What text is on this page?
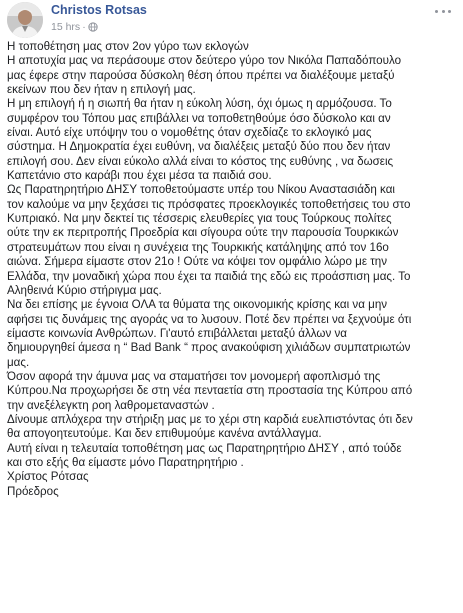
Christos Rotsas
15 hrs ·
Η τοποθέτηση μας στον 2ον γύρο των εκλογών
Η αποτυχία μας να περάσουμε στον δεύτερο γύρο τον Νικόλα Παπαδόπουλο
μας έφερε στην παρούσα δύσκολη θέση όπου πρέπει να διαλέξουμε μεταξύ
εκείνων που δεν ήταν η επιλογή μας.
Η μη επιλογή ή η σιωπή θα ήταν η εύκολη λύση, όχι όμως η αρμόζουσα. Το
συμφέρον του Τόπου μας επιβάλλει να τοποθετηθούμε όσο δύσκολο και αν
είναι. Αυτό είχε υπόψην του ο νομοθέτης όταν σχεδίαζε το εκλογικό μας
σύστημα. Η Δημοκρατία έχει ευθύνη, να διαλέξεις μεταξύ δύο που δεν ήταν
επιλογή σου. Δεν είναι εύκολο αλλά είναι το κόστος της ευθύνης , να δωσεις
Καπετάνιο στο καράβι που έχει μέσα τα παιδιά σου.
Ως Παρατηρητήριο ΔΗΣΥ τοποθετούμαστε υπέρ του Νίκου Αναστασιάδη και
τον καλούμε να μην ξεχάσει τις πρόσφατες προεκλογικές τοποθετήσεις του στο
Κυπριακό. Να μην δεκτεί τις τέσσερις ελευθερίες για τους Τούρκους πολίτες
ούτε την εκ περιτροπής Προεδρία και σίγουρα ούτε την παρουσία Τουρκικών
στρατευμάτων που είναι η συνέχεια της Τουρκικής κατάληψης από τον 16ο
αιώνα. Σήμερα είμαστε στον 21ο ! Ούτε να κόψει τον ομφάλιο λώρο με την
Ελλάδα, την μοναδική χώρα που έχει τα παιδιά της εδώ εις προάσπιση μας. Το
Αληθεινά Κύριο στήριγμα μας.
Να δει επίσης με έγνοια ΟΛΑ τα θύματα της οικονομικής κρίσης και να μην
αφήσει τις δυνάμεις της αγοράς να το λυσουν. Ποτέ δεν πρέπει να ξεχνούμε ότι
είμαστε κοινωνία Ανθρώπων. Γι'αυτό επιβάλλεται μεταξύ άλλων να
δημιουργηθεί άμεσα η “ Bad Bank “ προς ανακούφιση χιλιάδων συμπατριωτών
μας.
Όσον αφορά την άμυνα μας να σταματήσει τον μονομερή αφοπλισμό της
Κύπρου.Να προχωρήσει δε στη νέα πενταετία στη προστασία της Κύπρου από
την ανεξέλεγκτη ροη λαθρομεταναστών .
Δίνουμε απλόχερα την στήριξη μας με το χέρι στη καρδιά ευελπιστόντας ότι δεν
θα απογοητευτούμε. Και δεν επιθυμούμε κανένα αντάλλαγμα.
Αυτή είναι η τελευταία τοποθέτηση μας ως Παρατηρητήριο ΔΗΣΥ , από τούδε
και στο εξής θα είμαστε μόνο Παρατηρητήριο .
Χρίστος Ρότσας
Πρόεδρος
